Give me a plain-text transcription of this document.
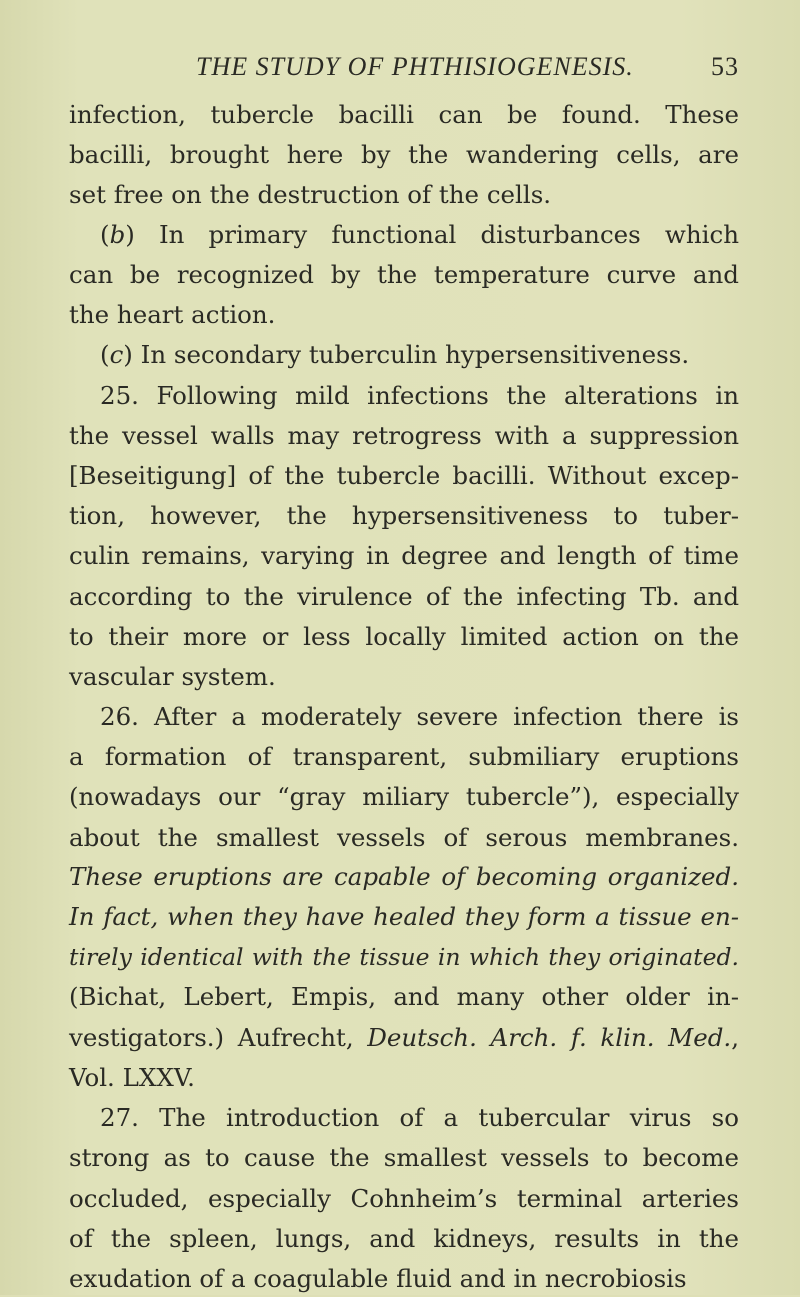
THE STUDY OF PHTHISIOGENESIS.	53
infection, tubercle bacilli can be found. These
bacilli, brought here by the wandering cells, are
set free on the destruction of the cells.
(b) In primary functional disturbances which
can be recognized by the temperature curve and
the heart action.
(c) In secondary tuberculin hypersensitiveness.
25. Following mild infections the alterations in
the vessel walls may retrogress with a suppression
[Beseitigung] of the tubercle bacilli. Without excep-
tion, however, the hypersensitiveness to tuber-
culin remains, varying in degree and length of time
according to the virulence of the infecting Tb. and
to their more or less locally limited action on the
vascular system.
26. After a moderately severe infection there is
a formation of transparent, submiliary eruptions
(nowadays our “gray miliary tubercle”), especially
about the smallest vessels of serous membranes.
These eruptions are capable of becoming organized.
In fact, when they have healed they form a tissue en-
tirely identical with the tissue in which they originated.
(Bichat, Lebert, Empis, and many other older in-
vestigators.) Aufrecht, Deutsch. Arch. f. klin. Med.,
Vol. LXXV.
27. The introduction of a tubercular virus so
strong as to cause the smallest vessels to become
occluded, especially Cohnheim’s terminal arteries
of the spleen, lungs, and kidneys, results in the
exudation of a coagulable fluid and in necrobiosis
